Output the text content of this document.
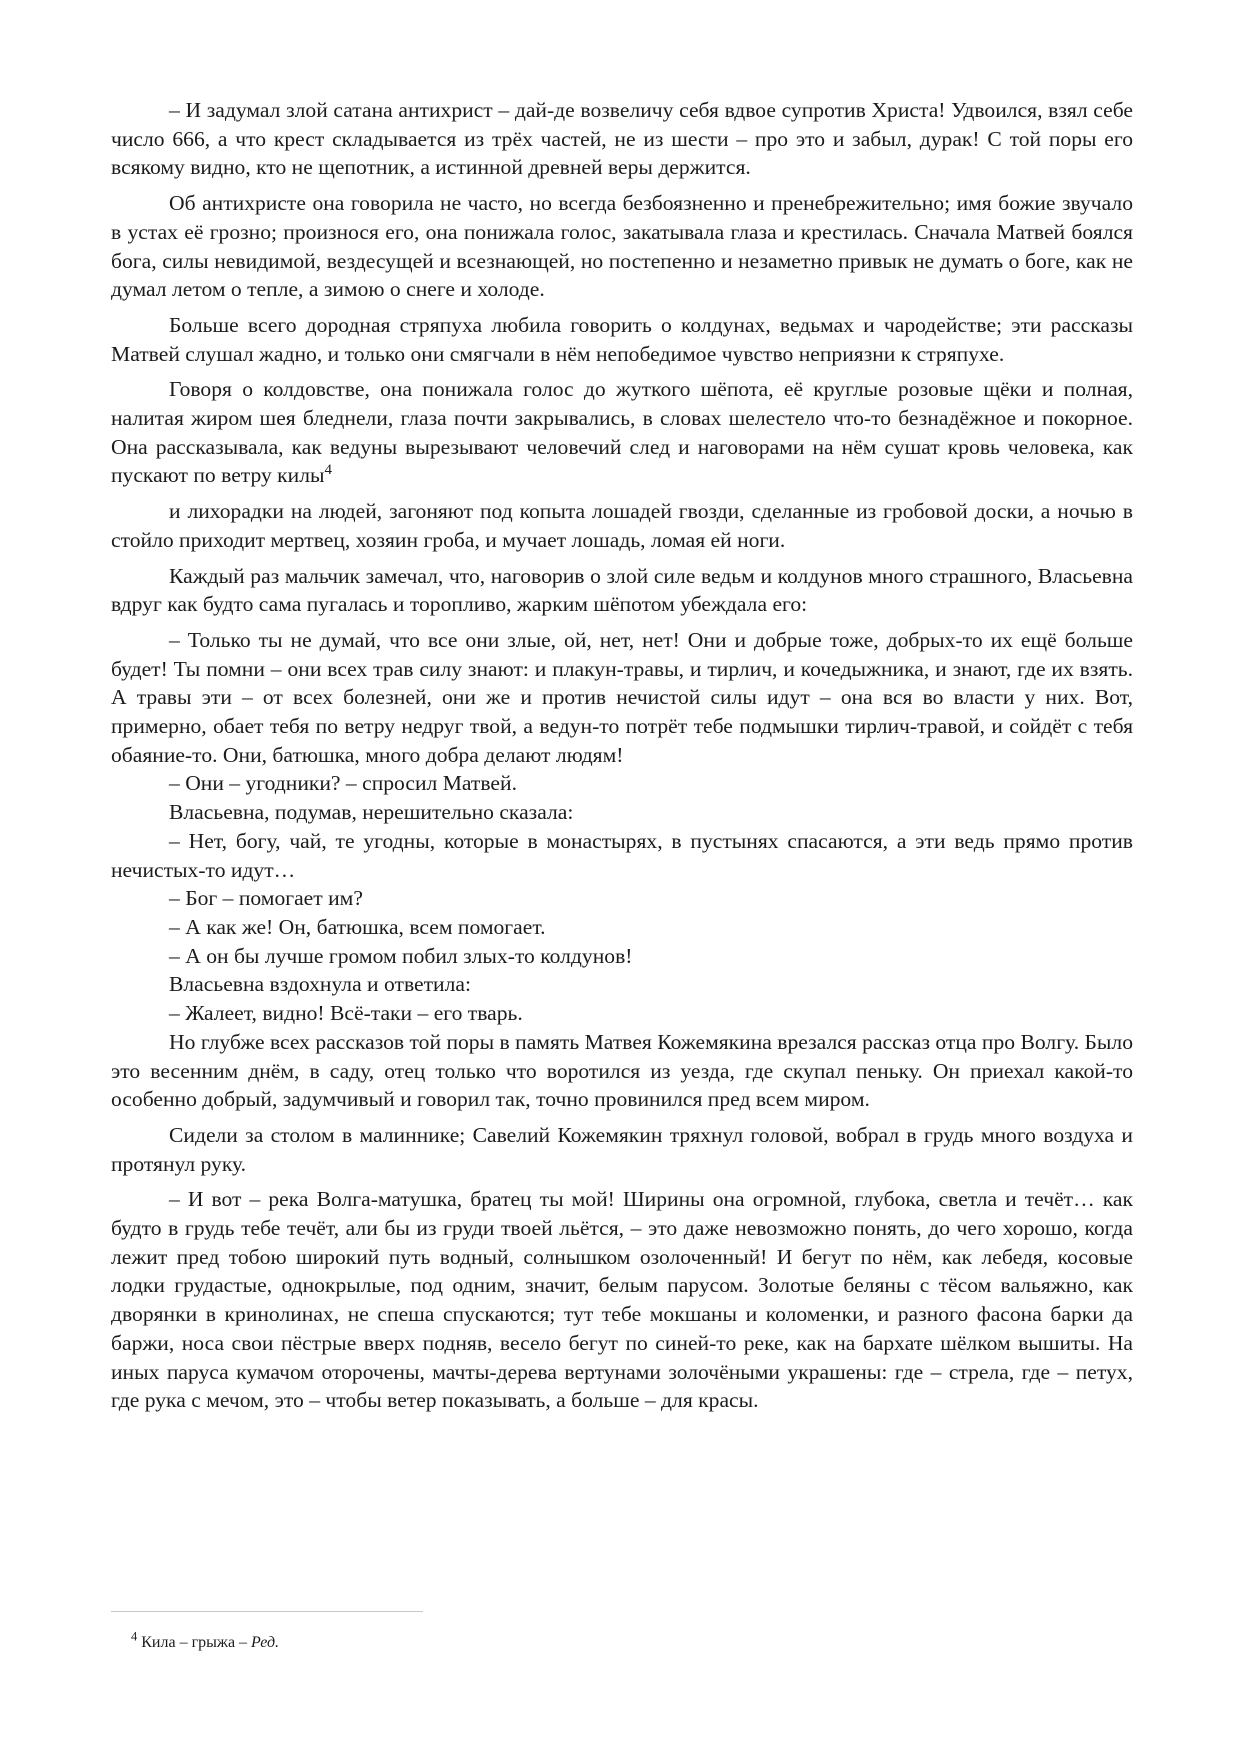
– И задумал злой сатана антихрист – дай-де возвеличу себя вдвое супротив Христа! Удвоился, взял себе число 666, а что крест складывается из трёх частей, не из шести – про это и забыл, дурак! С той поры его всякому видно, кто не щепотник, а истинной древней веры держится.

Об антихристе она говорила не часто, но всегда безбоязненно и пренебрежительно; имя божие звучало в устах её грозно; произнося его, она понижала голос, закатывала глаза и крестилась. Сначала Матвей боялся бога, силы невидимой, вездесущей и всезнающей, но постепенно и незаметно привык не думать о боге, как не думал летом о тепле, а зимою о снеге и холоде.

Больше всего дородная стряпуха любила говорить о колдунах, ведьмах и чародействе; эти рассказы Матвей слушал жадно, и только они смягчали в нём непобедимое чувство неприязни к стряпухе.

Говоря о колдовстве, она понижала голос до жуткого шёпота, её круглые розовые щёки и полная, налитая жиром шея бледнели, глаза почти закрывались, в словах шелестело что-то безнадёжное и покорное. Она рассказывала, как ведуны вырезывают человечий след и наговорами на нём сушат кровь человека, как пускают по ветру килы$^4$

и лихорадки на людей, загоняют под копыта лошадей гвозди, сделанные из гробовой доски, а ночью в стойло приходит мертвец, хозяин гроба, и мучает лошадь, ломая ей ноги.

Каждый раз мальчик замечал, что, наговорив о злой силе ведьм и колдунов много страшного, Власьевна вдруг как будто сама пугалась и торопливо, жарким шёпотом убеждала его:

– Только ты не думай, что все они злые, ой, нет, нет! Они и добрые тоже, добрых-то их ещё больше будет! Ты помни – они всех трав силу знают: и плакун-травы, и тирлич, и кочедыжника, и знают, где их взять. А травы эти – от всех болезней, они же и против нечистой силы идут – она вся во власти у них. Вот, примерно, обает тебя по ветру недруг твой, а ведун-то потрёт тебе подмышки тирлич-травой, и сойдёт с тебя обаяние-то. Они, батюшка, много добра делают людям!

– Они – угодники? – спросил Матвей.

Власьевна, подумав, нерешительно сказала:

– Нет, богу, чай, те угодны, которые в монастырях, в пустынях спасаются, а эти ведь прямо против нечистых-то идут…

– Бог – помогает им?

– А как же! Он, батюшка, всем помогает.

– А он бы лучше громом побил злых-то колдунов!

Власьевна вздохнула и ответила:

– Жалеет, видно! Всё-таки – его тварь.

Но глубже всех рассказов той поры в память Матвея Кожемякина врезался рассказ отца про Волгу. Было это весенним днём, в саду, отец только что воротился из уезда, где скупал пеньку. Он приехал какой-то особенно добрый, задумчивый и говорил так, точно провинился пред всем миром.

Сидели за столом в малиннике; Савелий Кожемякин тряхнул головой, вобрал в грудь много воздуха и протянул руку.

– И вот – река Волга-матушка, братец ты мой! Ширины она огромной, глубока, светла и течёт… как будто в грудь тебе течёт, али бы из груди твоей льётся, – это даже невозможно понять, до чего хорошо, когда лежит пред тобою широкий путь водный, солнышком озолоченный! И бегут по нём, как лебедя, косовые лодки грудастые, однокрылые, под одним, значит, белым парусом. Золотые беляны с тёсом вальяжно, как дворянки в кринолинах, не спеша спускаются; тут тебе мокшаны и коломенки, и разного фасона барки да баржи, носа свои пёстрые вверх подняв, весело бегут по синей-то реке, как на бархате шёлком вышиты. На иных паруса кумачом оторочены, мачты-дерева вертунами золочёными украшены: где – стрела, где – петух, где рука с мечом, это – чтобы ветер показывать, а больше – для красы.

$^4$ Кила – грыжа – Ред.
